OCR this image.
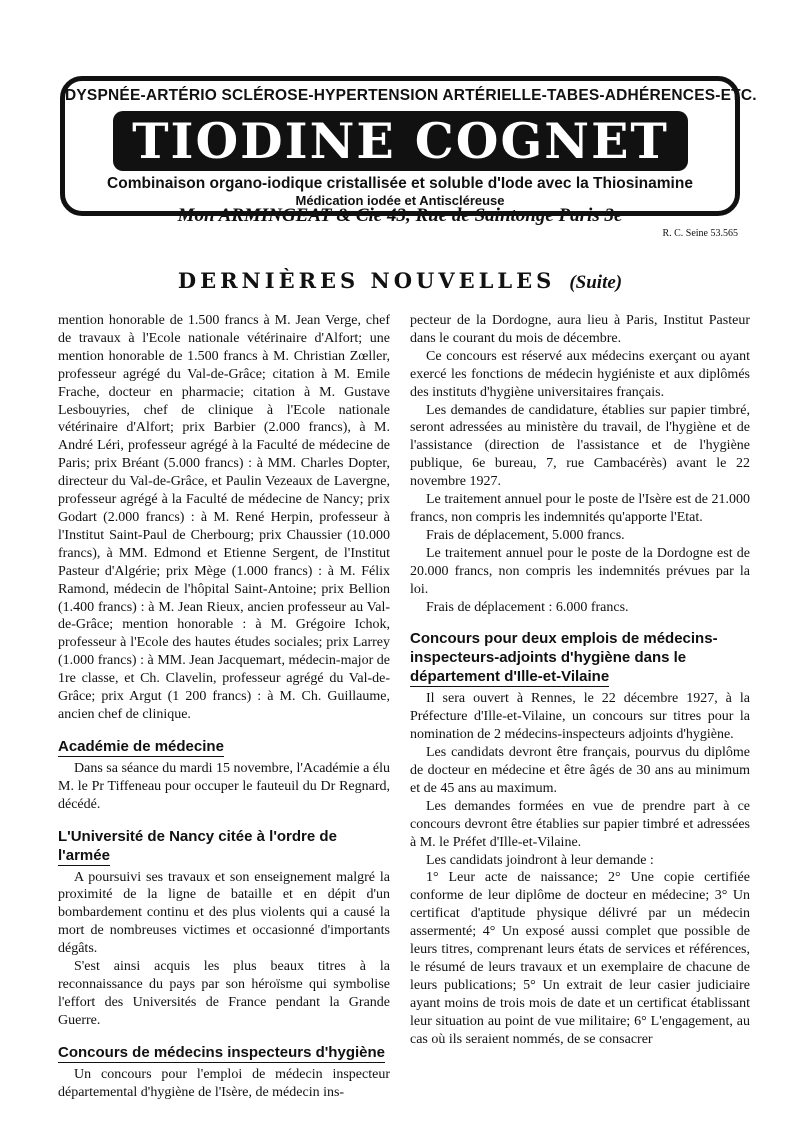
DYSPNÉE-ARTÉRIO SCLÉROSE-HYPERTENSION ARTÉRIELLE-TABES-ADHÉRENCES-ETC.
TIODINE COGNET
Combinaison organo-iodique cristallisée et soluble d'Iode avec la Thiosinamine
Médication iodée et Antiscléreuse
Mon ARMINGEAT & Cie 43, Rue de Saintonge Paris 3e
R. C. Seine 53.565
DERNIÈRES NOUVELLES (Suite)

mention honorable de 1.500 francs à M. Jean Verge, chef de travaux à l'Ecole nationale vétérinaire d'Alfort; une mention honorable de 1.500 francs à M. Christian Zœller, professeur agrégé du Val-de-Grâce; citation à M. Emile Frache, docteur en pharmacie; citation à M. Gustave Lesbouyries, chef de clinique à l'Ecole nationale vétérinaire d'Alfort; prix Barbier (2.000 francs), à M. André Léri, professeur agrégé à la Faculté de médecine de Paris; prix Bréant (5.000 francs) : à MM. Charles Dopter, directeur du Val-de-Grâce, et Paulin Vezeaux de Lavergne, professeur agrégé à la Faculté de médecine de Nancy; prix Godart (2.000 francs) : à M. René Herpin, professeur à l'Institut Saint-Paul de Cherbourg; prix Chaussier (10.000 francs), à MM. Edmond et Etienne Sergent, de l'Institut Pasteur d'Algérie; prix Mège (1.000 francs) : à M. Félix Ramond, médecin de l'hôpital Saint-Antoine; prix Bellion (1.400 francs) : à M. Jean Rieux, ancien professeur au Val-de-Grâce; mention honorable : à M. Grégoire Ichok, professeur à l'Ecole des hautes études sociales; prix Larrey (1.000 francs) : à MM. Jean Jacquemart, médecin-major de 1re classe, et Ch. Clavelin, professeur agrégé du Val-de-Grâce; prix Argut (1 200 francs) : à M. Ch. Guillaume, ancien chef de clinique.

Académie de médecine

Dans sa séance du mardi 15 novembre, l'Académie a élu M. le Pr Tiffeneau pour occuper le fauteuil du Dr Regnard, décédé.

L'Université de Nancy citée à l'ordre de
l'armée

A poursuivi ses travaux et son enseignement malgré la proximité de la ligne de bataille et en dépit d'un bombardement continu et des plus violents qui a causé la mort de nombreuses victimes et occasionné d'importants dégâts.

S'est ainsi acquis les plus beaux titres à la reconnaissance du pays par son héroïsme qui symbolise l'effort des Universités de France pendant la Grande Guerre.

Concours de médecins inspecteurs d'hygiène

Un concours pour l'emploi de médecin inspecteur départemental d'hygiène de l'Isère, de médecin ins-

pecteur de la Dordogne, aura lieu à Paris, Institut Pasteur dans le courant du mois de décembre.

Ce concours est réservé aux médecins exerçant ou ayant exercé les fonctions de médecin hygiéniste et aux diplômés des instituts d'hygiène universitaires français.

Les demandes de candidature, établies sur papier timbré, seront adressées au ministère du travail, de l'hygiène et de l'assistance (direction de l'assistance et de l'hygiène publique, 6e bureau, 7, rue Cambacérès) avant le 22 novembre 1927.

Le traitement annuel pour le poste de l'Isère est de 21.000 francs, non compris les indemnités qu'apporte l'Etat.

Frais de déplacement, 5.000 francs.

Le traitement annuel pour le poste de la Dordogne est de 20.000 francs, non compris les indemnités prévues par la loi.

Frais de déplacement : 6.000 francs.

Concours pour deux emplois de médecins-
inspecteurs-adjoints d'hygiène dans le
département d'Ille-et-Vilaine

Il sera ouvert à Rennes, le 22 décembre 1927, à la Préfecture d'Ille-et-Vilaine, un concours sur titres pour la nomination de 2 médecins-inspecteurs adjoints d'hygiène.

Les candidats devront être français, pourvus du diplôme de docteur en médecine et être âgés de 30 ans au minimum et de 45 ans au maximum.

Les demandes formées en vue de prendre part à ce concours devront être établies sur papier timbré et adressées à M. le Préfet d'Ille-et-Vilaine.

Les candidats joindront à leur demande :

1° Leur acte de naissance; 2° Une copie certifiée conforme de leur diplôme de docteur en médecine; 3° Un certificat d'aptitude physique délivré par un médecin assermenté; 4° Un exposé aussi complet que possible de leurs titres, comprenant leurs états de services et références, le résumé de leurs travaux et un exemplaire de chacune de leurs publications; 5° Un extrait de leur casier judiciaire ayant moins de trois mois de date et un certificat établissant leur situation au point de vue militaire; 6° L'engagement, au cas où ils seraient nommés, de se consacrer
